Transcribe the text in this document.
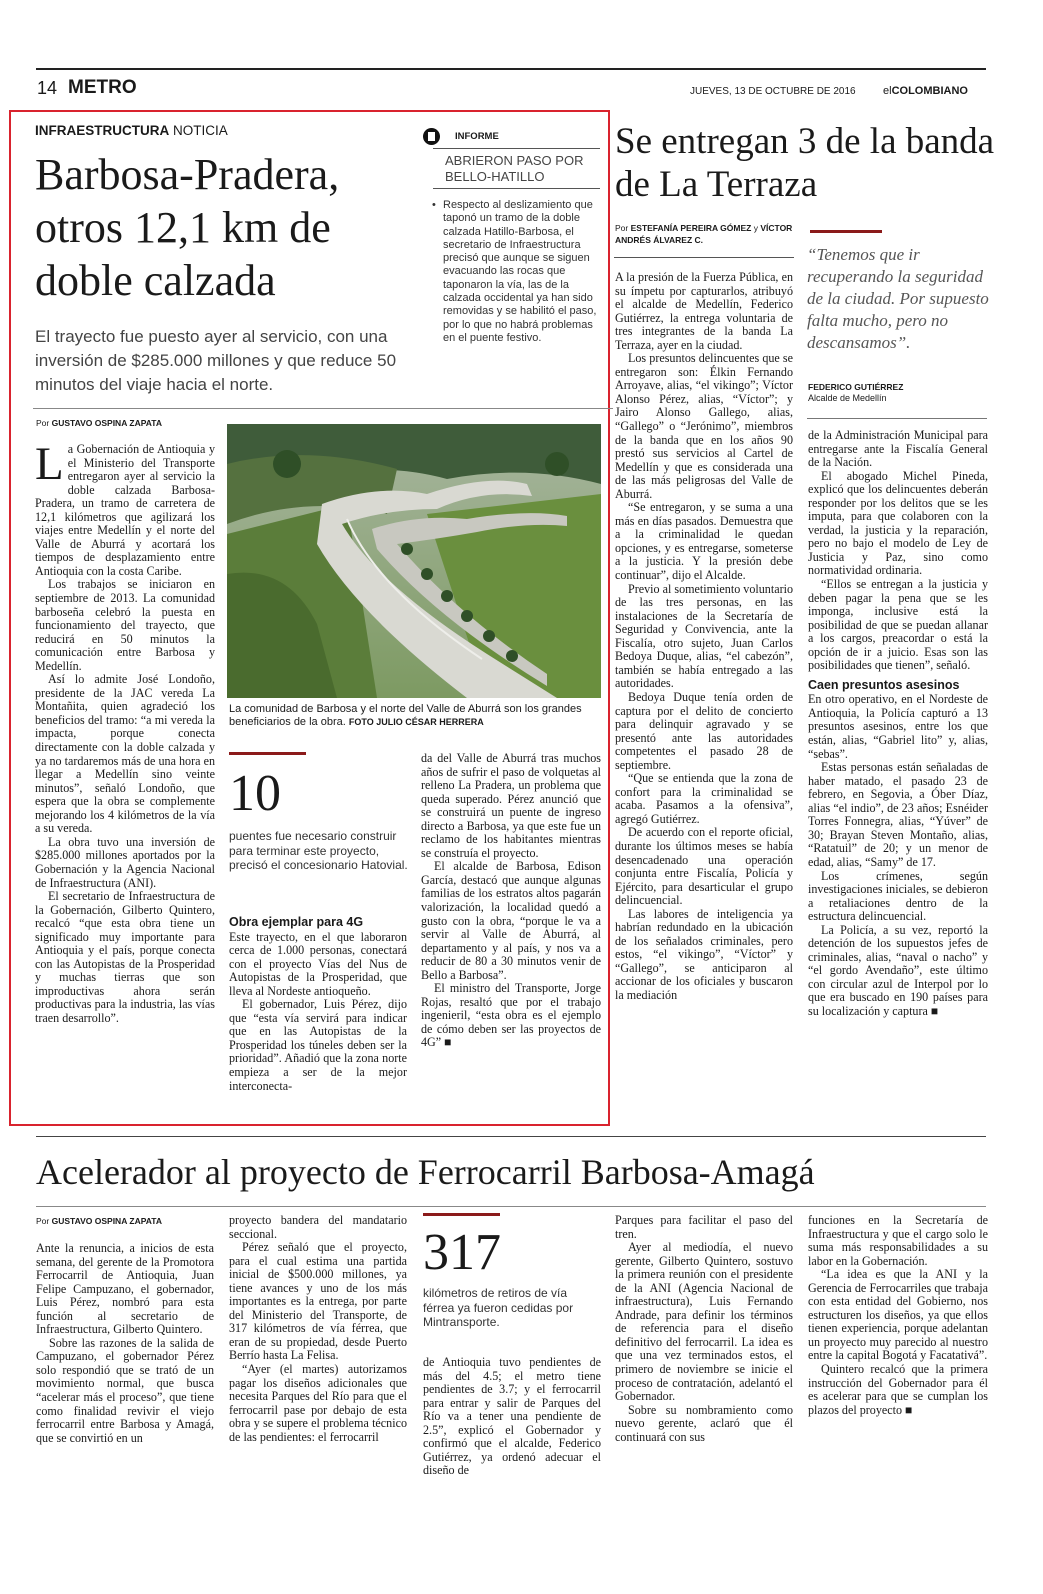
14 METRO	JUEVES, 13 DE OCTUBRE DE 2016 elCOLOMBIANO
INFRAESTRUCTURA NOTICIA
Barbosa-Pradera, otros 12,1 km de doble calzada

El trayecto fue puesto ayer al servicio, con una inversión de $285.000 millones y que reduce 50 minutos del viaje hacia el norte.

INFORME
ABRIERON PASO POR BELLO-HATILLO
• Respecto al deslizamiento que taponó un tramo de la doble calzada Hatillo-Barbosa, el secretario de Infraestructura precisó que aunque se siguen evacuando las rocas que taponaron la vía, las de la calzada occidental ya han sido removidas y se habilitó el paso, por lo que no habrá problemas en el puente festivo.
Por GUSTAVO OSPINA ZAPATA

La Gobernación de Antioquia y el Ministerio del Transporte entregaron ayer al servicio la doble calzada Barbosa-Pradera, un tramo de carretera de 12,1 kilómetros que agilizará los viajes entre Medellín y el norte del Valle de Aburrá y acortará los tiempos de desplazamiento entre Antioquia con la costa Caribe.

Los trabajos se iniciaron en septiembre de 2013. La comunidad barboseña celebró la puesta en funcionamiento del trayecto, que reducirá en 50 minutos la comunicación entre Barbosa y Medellín.

Así lo admite José Londoño, presidente de la JAC vereda La Montañita, quien agradeció los beneficios del tramo: “a mi vereda la impacta, porque conecta directamente con la doble calzada y ya no tardaremos más de una hora en llegar a Medellín sino veinte minutos”, señaló Londoño, que espera que la obra se complemente mejorando los 4 kilómetros de la vía a su vereda.

La obra tuvo una inversión de $285.000 millones aportados por la Gobernación y la Agencia Nacional de Infraestructura (ANI).

El secretario de Infraestructura de la Gobernación, Gilberto Quintero, recalcó “que esta obra tiene un significado muy importante para Antioquia y el país, porque conecta con las Autopistas de la Prosperidad y muchas tierras que son improductivas ahora serán productivas para la industria, las vías traen desarrollo”.

La comunidad de Barbosa y el norte del Valle de Aburrá son los grandes beneficiarios de la obra. FOTO JULIO CÉSAR HERRERA
10
puentes fue necesario construir para terminar este proyecto, precisó el concesionario Hatovial.
Obra ejemplar para 4G

Este trayecto, en el que laboraron cerca de 1.000 personas, conectará con el proyecto Vías del Nus de Autopistas de la Prosperidad, que lleva al Nordeste antioqueño.

El gobernador, Luis Pérez, dijo que “esta vía servirá para indicar que en las Autopistas de la Prosperidad los túneles deben ser la prioridad”. Añadió que la zona norte empieza a ser de la mejor interconecta-

da del Valle de Aburrá tras muchos años de sufrir el paso de volquetas al relleno La Pradera, un problema que queda superado. Pérez anunció que se construirá un puente de ingreso directo a Barbosa, ya que este fue un reclamo de los habitantes mientras se construía el proyecto.

El alcalde de Barbosa, Edison García, destacó que aunque algunas familias de los estratos altos pagarán valorización, la localidad quedó a gusto con la obra, “porque le va a servir al Valle de Aburrá, al departamento y al país, y nos va a reducir de 80 a 30 minutos venir de Bello a Barbosa”.

El ministro del Transporte, Jorge Rojas, resaltó que por el trabajo ingenieril, “esta obra es el ejemplo de cómo deben ser las proyectos de 4G” ■

Se entregan 3 de la banda de La Terraza
Por ESTEFANÍA PEREIRA GÓMEZ y VÍCTOR ANDRÉS ÁLVAREZ C.
“Tenemos que ir recuperando la seguridad de la ciudad. Por supuesto falta mucho, pero no descansamos”.
FEDERICO GUTIÉRREZ
Alcalde de Medellín

A la presión de la Fuerza Pública, en su ímpetu por capturarlos, atribuyó el alcalde de Medellín, Federico Gutiérrez, la entrega voluntaria de tres integrantes de la banda La Terraza, ayer en la ciudad.

Los presuntos delincuentes que se entregaron son: Élkin Fernando Arroyave, alias, “el vikingo”; Víctor Alonso Pérez, alias, “Víctor”; y Jairo Alonso Gallego, alias, “Gallego” o “Jerónimo”, miembros de la banda que en los años 90 prestó sus servicios al Cartel de Medellín y que es considerada una de las más peligrosas del Valle de Aburrá.

“Se entregaron, y se suma a una más en días pasados. Demuestra que a la criminalidad le quedan opciones, y es entregarse, someterse a la justicia. Y la presión debe continuar”, dijo el Alcalde.

Previo al sometimiento voluntario de las tres personas, en las instalaciones de la Secretaría de Seguridad y Convivencia, ante la Fiscalía, otro sujeto, Juan Carlos Bedoya Duque, alias, “el cabezón”, también se había entregado a las autoridades.

Bedoya Duque tenía orden de captura por el delito de concierto para delinquir agravado y se presentó ante las autoridades competentes el pasado 28 de septiembre.

“Que se entienda que la zona de confort para la criminalidad se acaba. Pasamos a la ofensiva”, agregó Gutiérrez.

De acuerdo con el reporte oficial, durante los últimos meses se había desencadenado una operación conjunta entre Fiscalía, Policía y Ejército, para desarticular el grupo delincuencial.

Las labores de inteligencia ya habrían redundado en la ubicación de los señalados criminales, pero estos, “el vikingo”, “Víctor” y “Gallego”, se anticiparon al accionar de los oficiales y buscaron la mediación

de la Administración Municipal para entregarse ante la Fiscalía General de la Nación.

El abogado Michel Pineda, explicó que los delincuentes deberán responder por los delitos que se les imputa, para que colaboren con la verdad, la justicia y la reparación, pero no bajo el modelo de Ley de Justicia y Paz, sino como normatividad ordinaria.

“Ellos se entregan a la justicia y deben pagar la pena que se les imponga, inclusive está la posibilidad de que se puedan allanar a los cargos, preacordar o está la opción de ir a juicio. Esas son las posibilidades que tienen”, señaló.

Caen presuntos asesinos

En otro operativo, en el Nordeste de Antioquia, la Policía capturó a 13 presuntos asesinos, entre los que están, alias, “Gabriel lito” y, alias, “sebas”.

Estas personas están señaladas de haber matado, el pasado 23 de febrero, en Segovia, a Óber Díaz, alias “el indio”, de 23 años; Esnéider Torres Fonnegra, alias, “Yúver” de 30; Brayan Steven Montaño, alias, “Ratatuil” de 20; y un menor de edad, alias, “Samy” de 17.

Los crímenes, según investigaciones iniciales, se debieron a retaliaciones dentro de la estructura delincuencial.

La Policía, a su vez, reportó la detención de los supuestos jefes de criminales, alias, “naval o nacho” y “el gordo Avendaño”, este último con circular azul de Interpol por lo que era buscado en 190 países para su localización y captura ■

Acelerador al proyecto de Ferrocarril Barbosa-Amagá
Por GUSTAVO OSPINA ZAPATA

Ante la renuncia, a inicios de esta semana, del gerente de la Promotora Ferrocarril de Antioquia, Juan Felipe Campuzano, el gobernador, Luis Pérez, nombró para esta función al secretario de Infraestructura, Gilberto Quintero.

Sobre las razones de la salida de Campuzano, el gobernador Pérez solo respondió que se trató de un movimiento normal, que busca “acelerar más el proceso”, que tiene como finalidad revivir el viejo ferrocarril entre Barbosa y Amagá, que se convirtió en un

proyecto bandera del mandatario seccional.

Pérez señaló que el proyecto, para el cual estima una partida inicial de $500.000 millones, ya tiene avances y uno de los más importantes es la entrega, por parte del Ministerio del Transporte, de 317 kilómetros de vía férrea, que eran de su propiedad, desde Puerto Berrío hasta La Felisa.

“Ayer (el martes) autorizamos pagar los diseños adicionales que necesita Parques del Río para que el ferrocarril pase por debajo de esta obra y se supere el problema técnico de las pendientes: el ferrocarril

317
kilómetros de retiros de vía férrea ya fueron cedidas por Mintransporte.

de Antioquia tuvo pendientes de más del 4.5; el metro tiene pendientes de 3.7; y el ferrocarril para entrar y salir de Parques del Río va a tener una pendiente de 2.5”, explicó el Gobernador y confirmó que el alcalde, Federico Gutiérrez, ya ordenó adecuar el diseño de

Parques para facilitar el paso del tren.

Ayer al mediodía, el nuevo gerente, Gilberto Quintero, sostuvo la primera reunión con el presidente de la ANI (Agencia Nacional de infraestructura), Luis Fernando Andrade, para definir los términos de referencia para el diseño definitivo del ferrocarril. La idea es que una vez terminados estos, el primero de noviembre se inicie el proceso de contratación, adelantó el Gobernador.

Sobre su nombramiento como nuevo gerente, aclaró que él continuará con sus

funciones en la Secretaría de Infraestructura y que el cargo solo le suma más responsabilidades a su labor en la Gobernación.

“La idea es que la ANI y la Gerencia de Ferrocarriles que trabaja con esta entidad del Gobierno, nos estructuren los diseños, ya que ellos tienen experiencia, porque adelantan un proyecto muy parecido al nuestro entre la capital Bogotá y Facatativá”.

Quintero recalcó que la primera instrucción del Gobernador para él es acelerar para que se cumplan los plazos del proyecto ■
